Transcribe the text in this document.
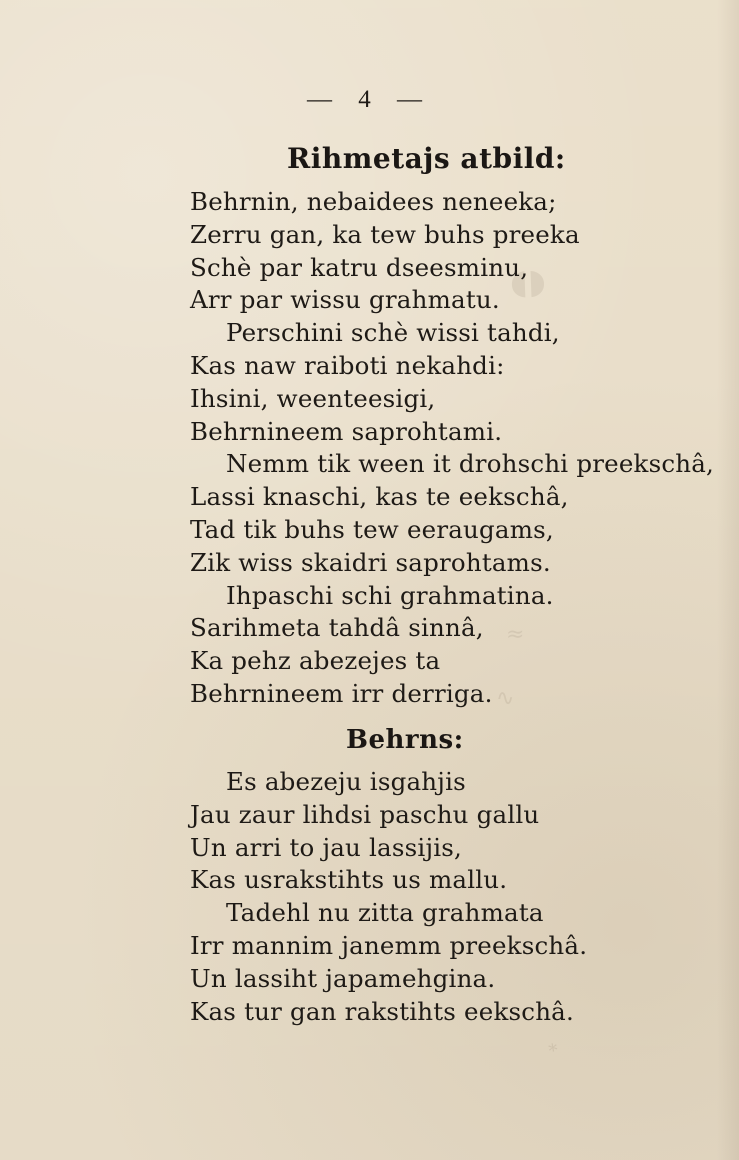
◖◗
≈
∿
⁎
— 4 —
Rihmetajs atbild:
Behrnin, nebaidees neneeka;
Zerru gan, ka tew buhs preeka
Schè par katru dseesminu,
Arr par wissu grahmatu.
Perschini schè wissi tahdi,
Kas naw raiboti nekahdi:
Ihsini, weenteesigi,
Behrnineem saprohtami.
Nemm tik ween it drohschi preekschâ,
Lassi knaschi, kas te eekschâ,
Tad tik buhs tew eeraugams,
Zik wiss skaidri saprohtams.
Ihpaschi schi grahmatina.
Sarihmeta tahdâ sinnâ,
Ka pehz abezejes ta
Behrnineem irr derriga.
Behrns:
Es abezeju isgahjis
Jau zaur lihdsi paschu gallu
Un arri to jau lassijis,
Kas usrakstihts us mallu.
Tadehl nu zitta grahmata
Irr mannim janemm preekschâ.
Un lassiht japamehgina.
Kas tur gan rakstihts eekschâ.
